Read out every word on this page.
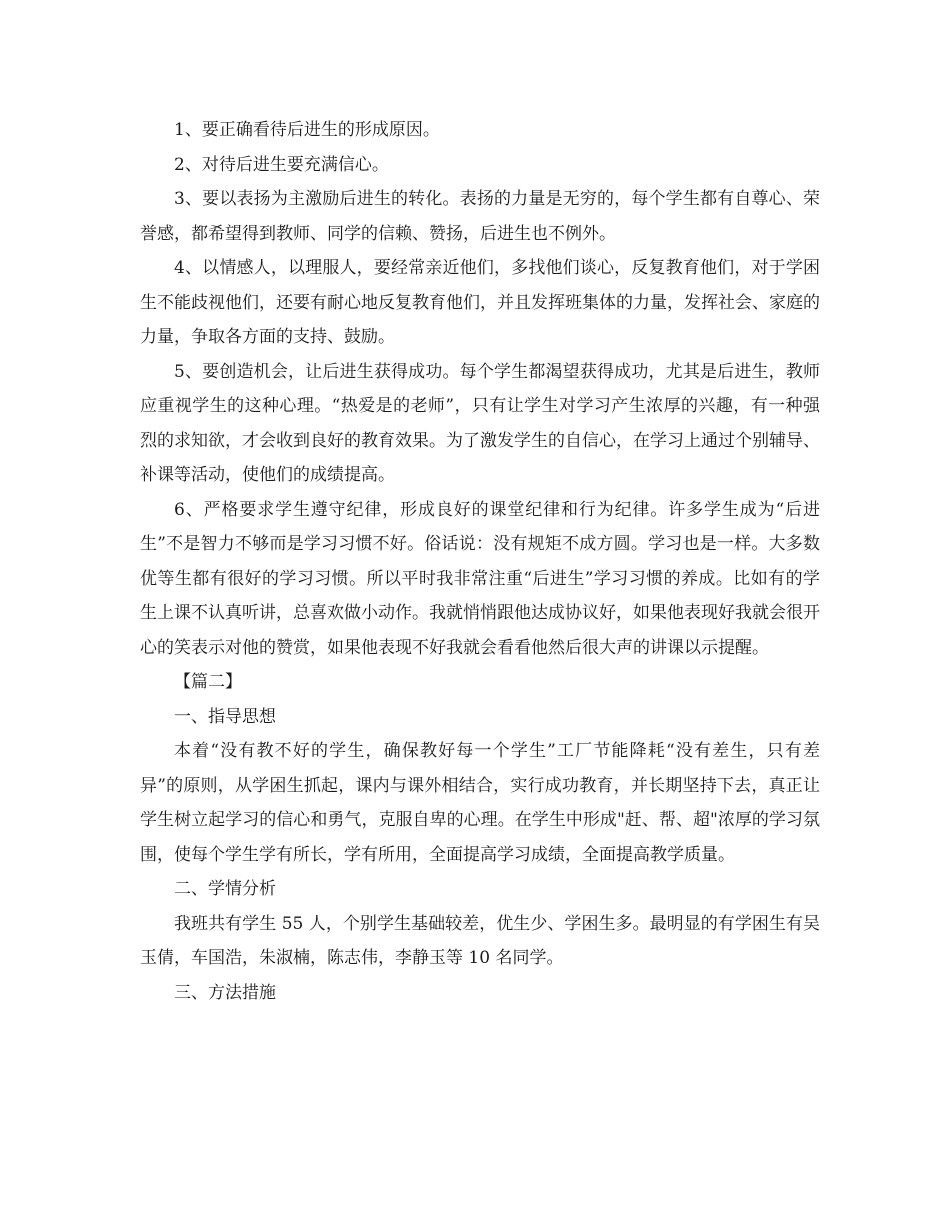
1、要正确看待后进生的形成原因。

2、对待后进生要充满信心。

3、要以表扬为主激励后进生的转化。表扬的力量是无穷的，每个学生都有自尊心、荣誉感，都希望得到教师、同学的信赖、赞扬，后进生也不例外。

4、以情感人，以理服人，要经常亲近他们，多找他们谈心，反复教育他们，对于学困生不能歧视他们，还要有耐心地反复教育他们，并且发挥班集体的力量，发挥社会、家庭的力量，争取各方面的支持、鼓励。

5、要创造机会，让后进生获得成功。每个学生都渴望获得成功，尤其是后进生，教师应重视学生的这种心理。“热爱是的老师”，只有让学生对学习产生浓厚的兴趣，有一种强烈的求知欲，才会收到良好的教育效果。为了激发学生的自信心，在学习上通过个别辅导、补课等活动，使他们的成绩提高。

6、严格要求学生遵守纪律，形成良好的课堂纪律和行为纪律。许多学生成为“后进生”不是智力不够而是学习习惯不好。俗话说：没有规矩不成方圆。学习也是一样。大多数优等生都有很好的学习习惯。所以平时我非常注重“后进生”学习习惯的养成。比如有的学生上课不认真听讲，总喜欢做小动作。我就悄悄跟他达成协议好，如果他表现好我就会很开心的笑表示对他的赞赏，如果他表现不好我就会看看他然后很大声的讲课以示提醒。

【篇二】

一、指导思想

本着“没有教不好的学生，确保教好每一个学生”工厂节能降耗“没有差生，只有差异”的原则，从学困生抓起，课内与课外相结合，实行成功教育，并长期坚持下去，真正让学生树立起学习的信心和勇气，克服自卑的心理。在学生中形成"赶、帮、超"浓厚的学习氛围，使每个学生学有所长，学有所用，全面提高学习成绩，全面提高教学质量。

二、学情分析

我班共有学生 55 人，个别学生基础较差，优生少、学困生多。最明显的有学困生有吴玉倩，车国浩，朱淑楠，陈志伟，李静玉等 10 名同学。

三、方法措施
